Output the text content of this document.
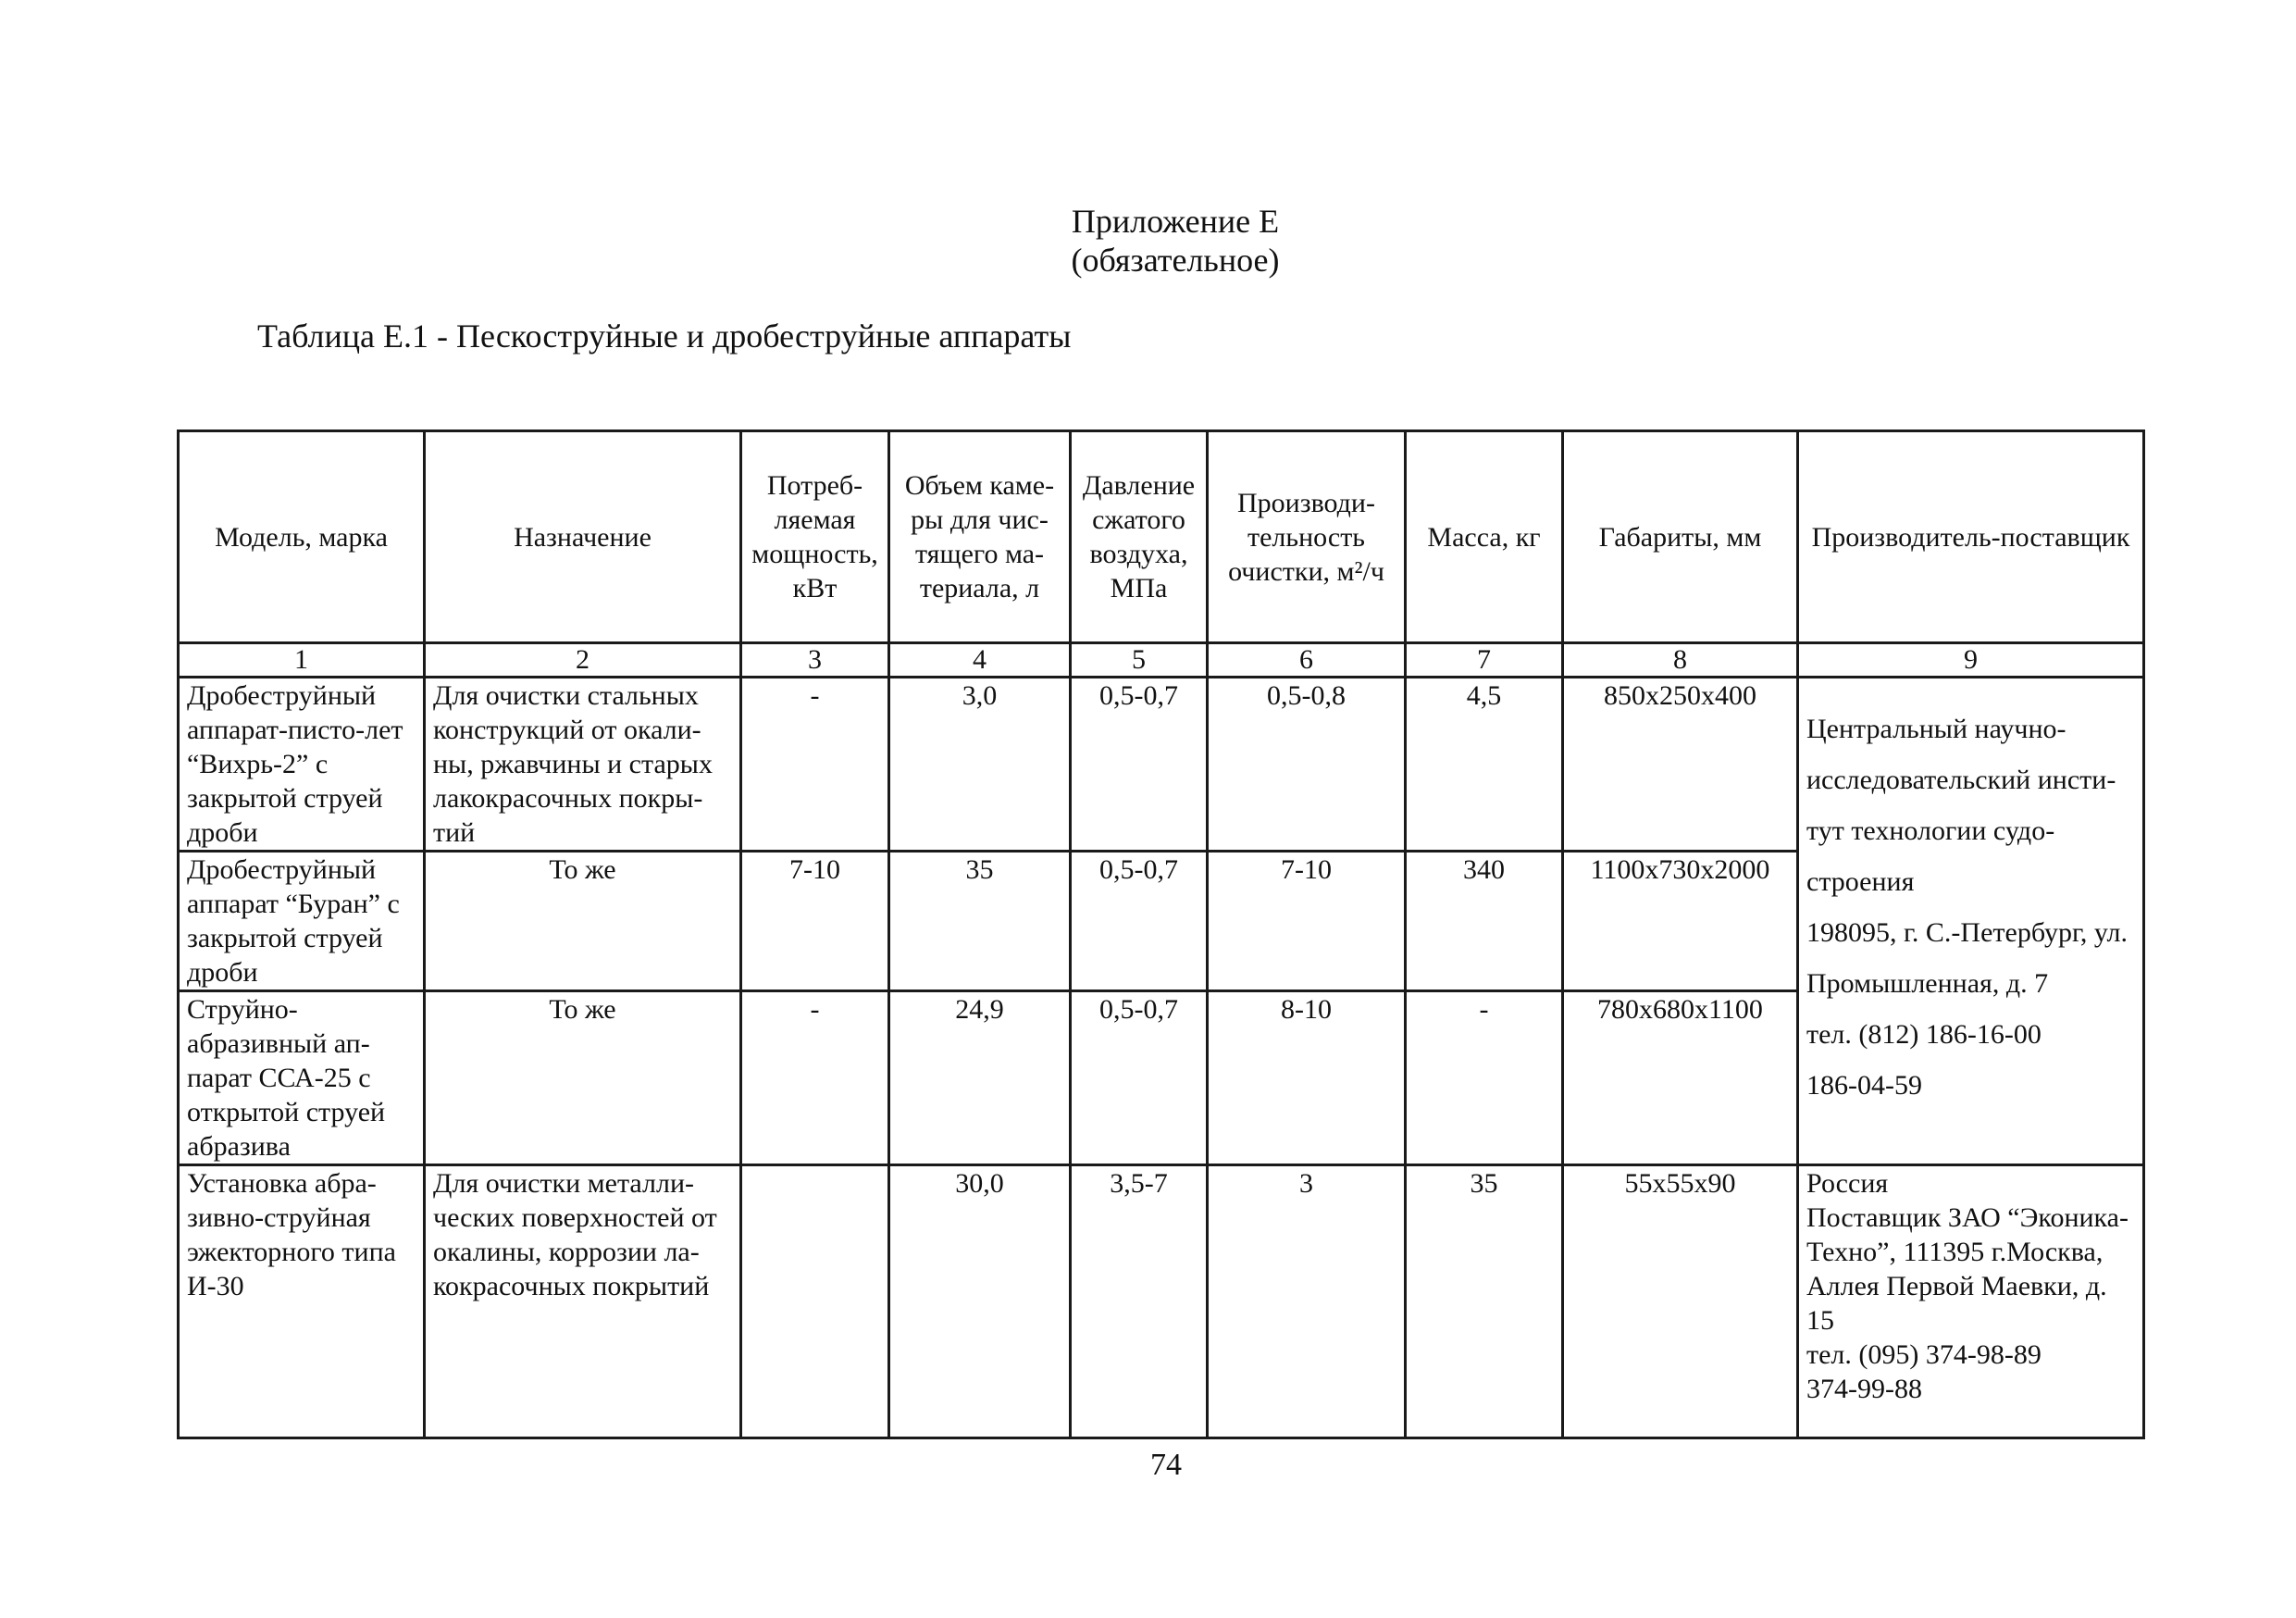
Приложение Е
(обязательное)
Таблица Е.1 - Пескоструйные и дробеструйные аппараты
Модель, марка	Назначение	Потреб-ляемая мощность, кВт	Объем каме-ры для чис-тящего ма-териала, л	Давление сжатого воздуха, МПа	Производи-тельность очистки, м²/ч	Масса, кг	Габариты, мм	Производитель-поставщик
1	2	3	4	5	6	7	8	9
Дробеструйный аппарат-писто-лет “Вихрь-2” с закрытой струей дроби	Для очистки стальных конструкций от окали-ны, ржавчины и старых лакокрасочных покры-тий	-	3,0	0,5-0,7	0,5-0,8	4,5	850x250x400	Центральный научно-исследовательский инсти-тут технологии судо-строения
198095, г. С.-Петербург, ул. Промышленная, д. 7
тел. (812) 186-16-00
186-04-59

Дробеструйный аппарат “Буран” с закрытой струей дроби	То же	7-10	35	0,5-0,7	7-10	340	1100x730x2000	
Струйно-абразивный ап-парат ССА-25 с открытой струей абразива	То же	-	24,9	0,5-0,7	8-10	-	780x680x1100	
Установка абра-зивно-струйная эжекторного типа И-30	Для очистки металли-ческих поверхностей от окалины, коррозии ла-кокрасочных покрытий		30,0	3,5-7	3	35	55x55x90	Россия
Поставщик ЗАО “Эконика-Техно”, 111395 г.Москва, Аллея Первой Маевки, д. 15
тел. (095) 374-98-89
374-99-88
74
